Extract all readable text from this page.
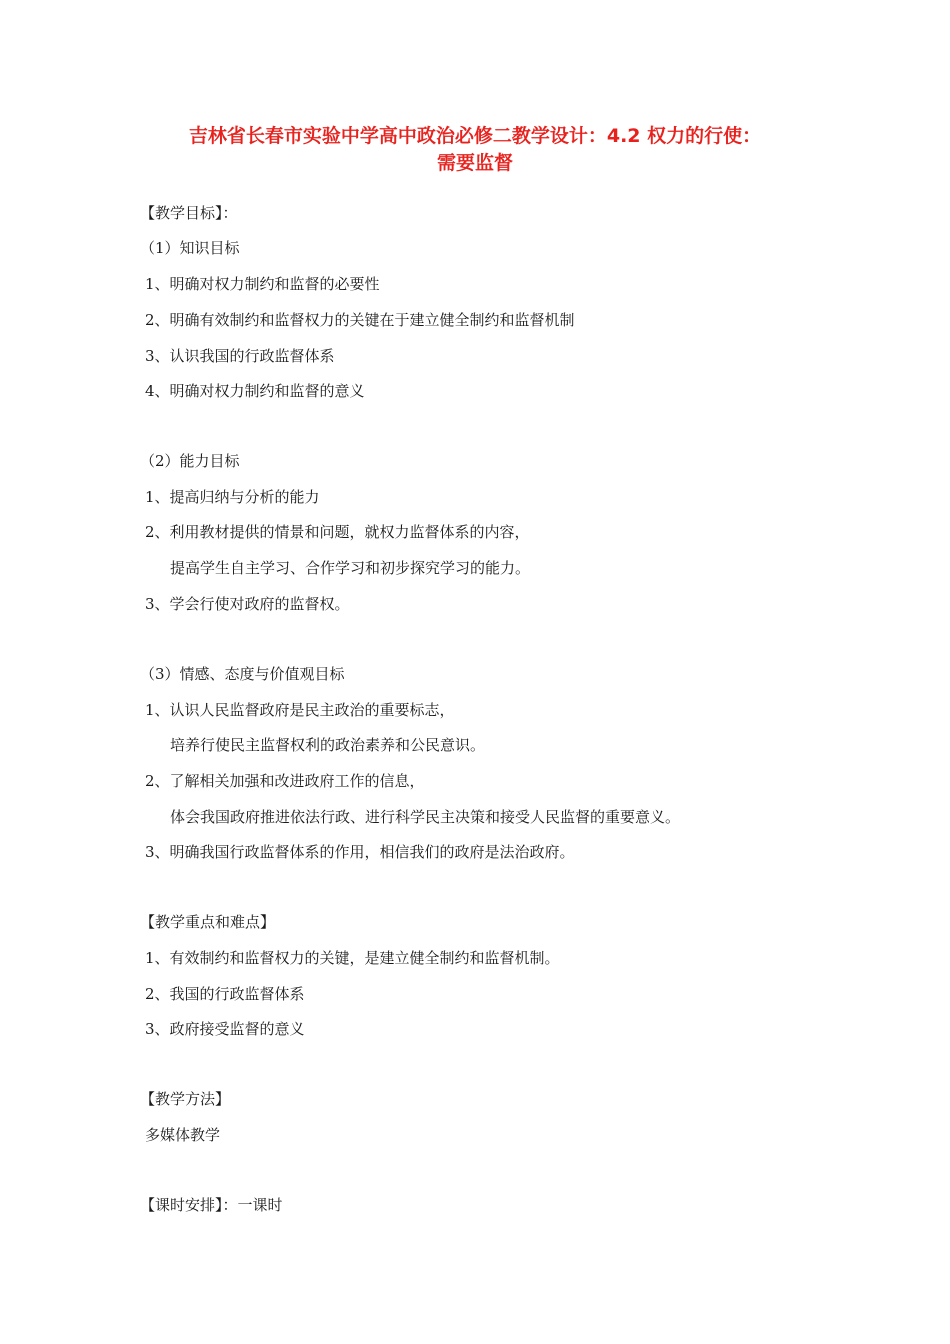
吉林省长春市实验中学高中政治必修二教学设计：4.2 权力的行使：
需要监督
【教学目标】：
（1）知识目标
1、明确对权力制约和监督的必要性
2、明确有效制约和监督权力的关键在于建立健全制约和监督机制
3、认识我国的行政监督体系
4、明确对权力制约和监督的意义
（2）能力目标
1、提高归纳与分析的能力
2、利用教材提供的情景和问题，就权力监督体系的内容，
提高学生自主学习、合作学习和初步探究学习的能力。
3、学会行使对政府的监督权。
（3）情感、态度与价值观目标
1、认识人民监督政府是民主政治的重要标志，
培养行使民主监督权利的政治素养和公民意识。
2、了解相关加强和改进政府工作的信息，
体会我国政府推进依法行政、进行科学民主决策和接受人民监督的重要意义。
3、明确我国行政监督体系的作用，相信我们的政府是法治政府。
【教学重点和难点】
1、有效制约和监督权力的关键，是建立健全制约和监督机制。
2、我国的行政监督体系
3、政府接受监督的意义
【教学方法】
多媒体教学
【课时安排】：一课时
